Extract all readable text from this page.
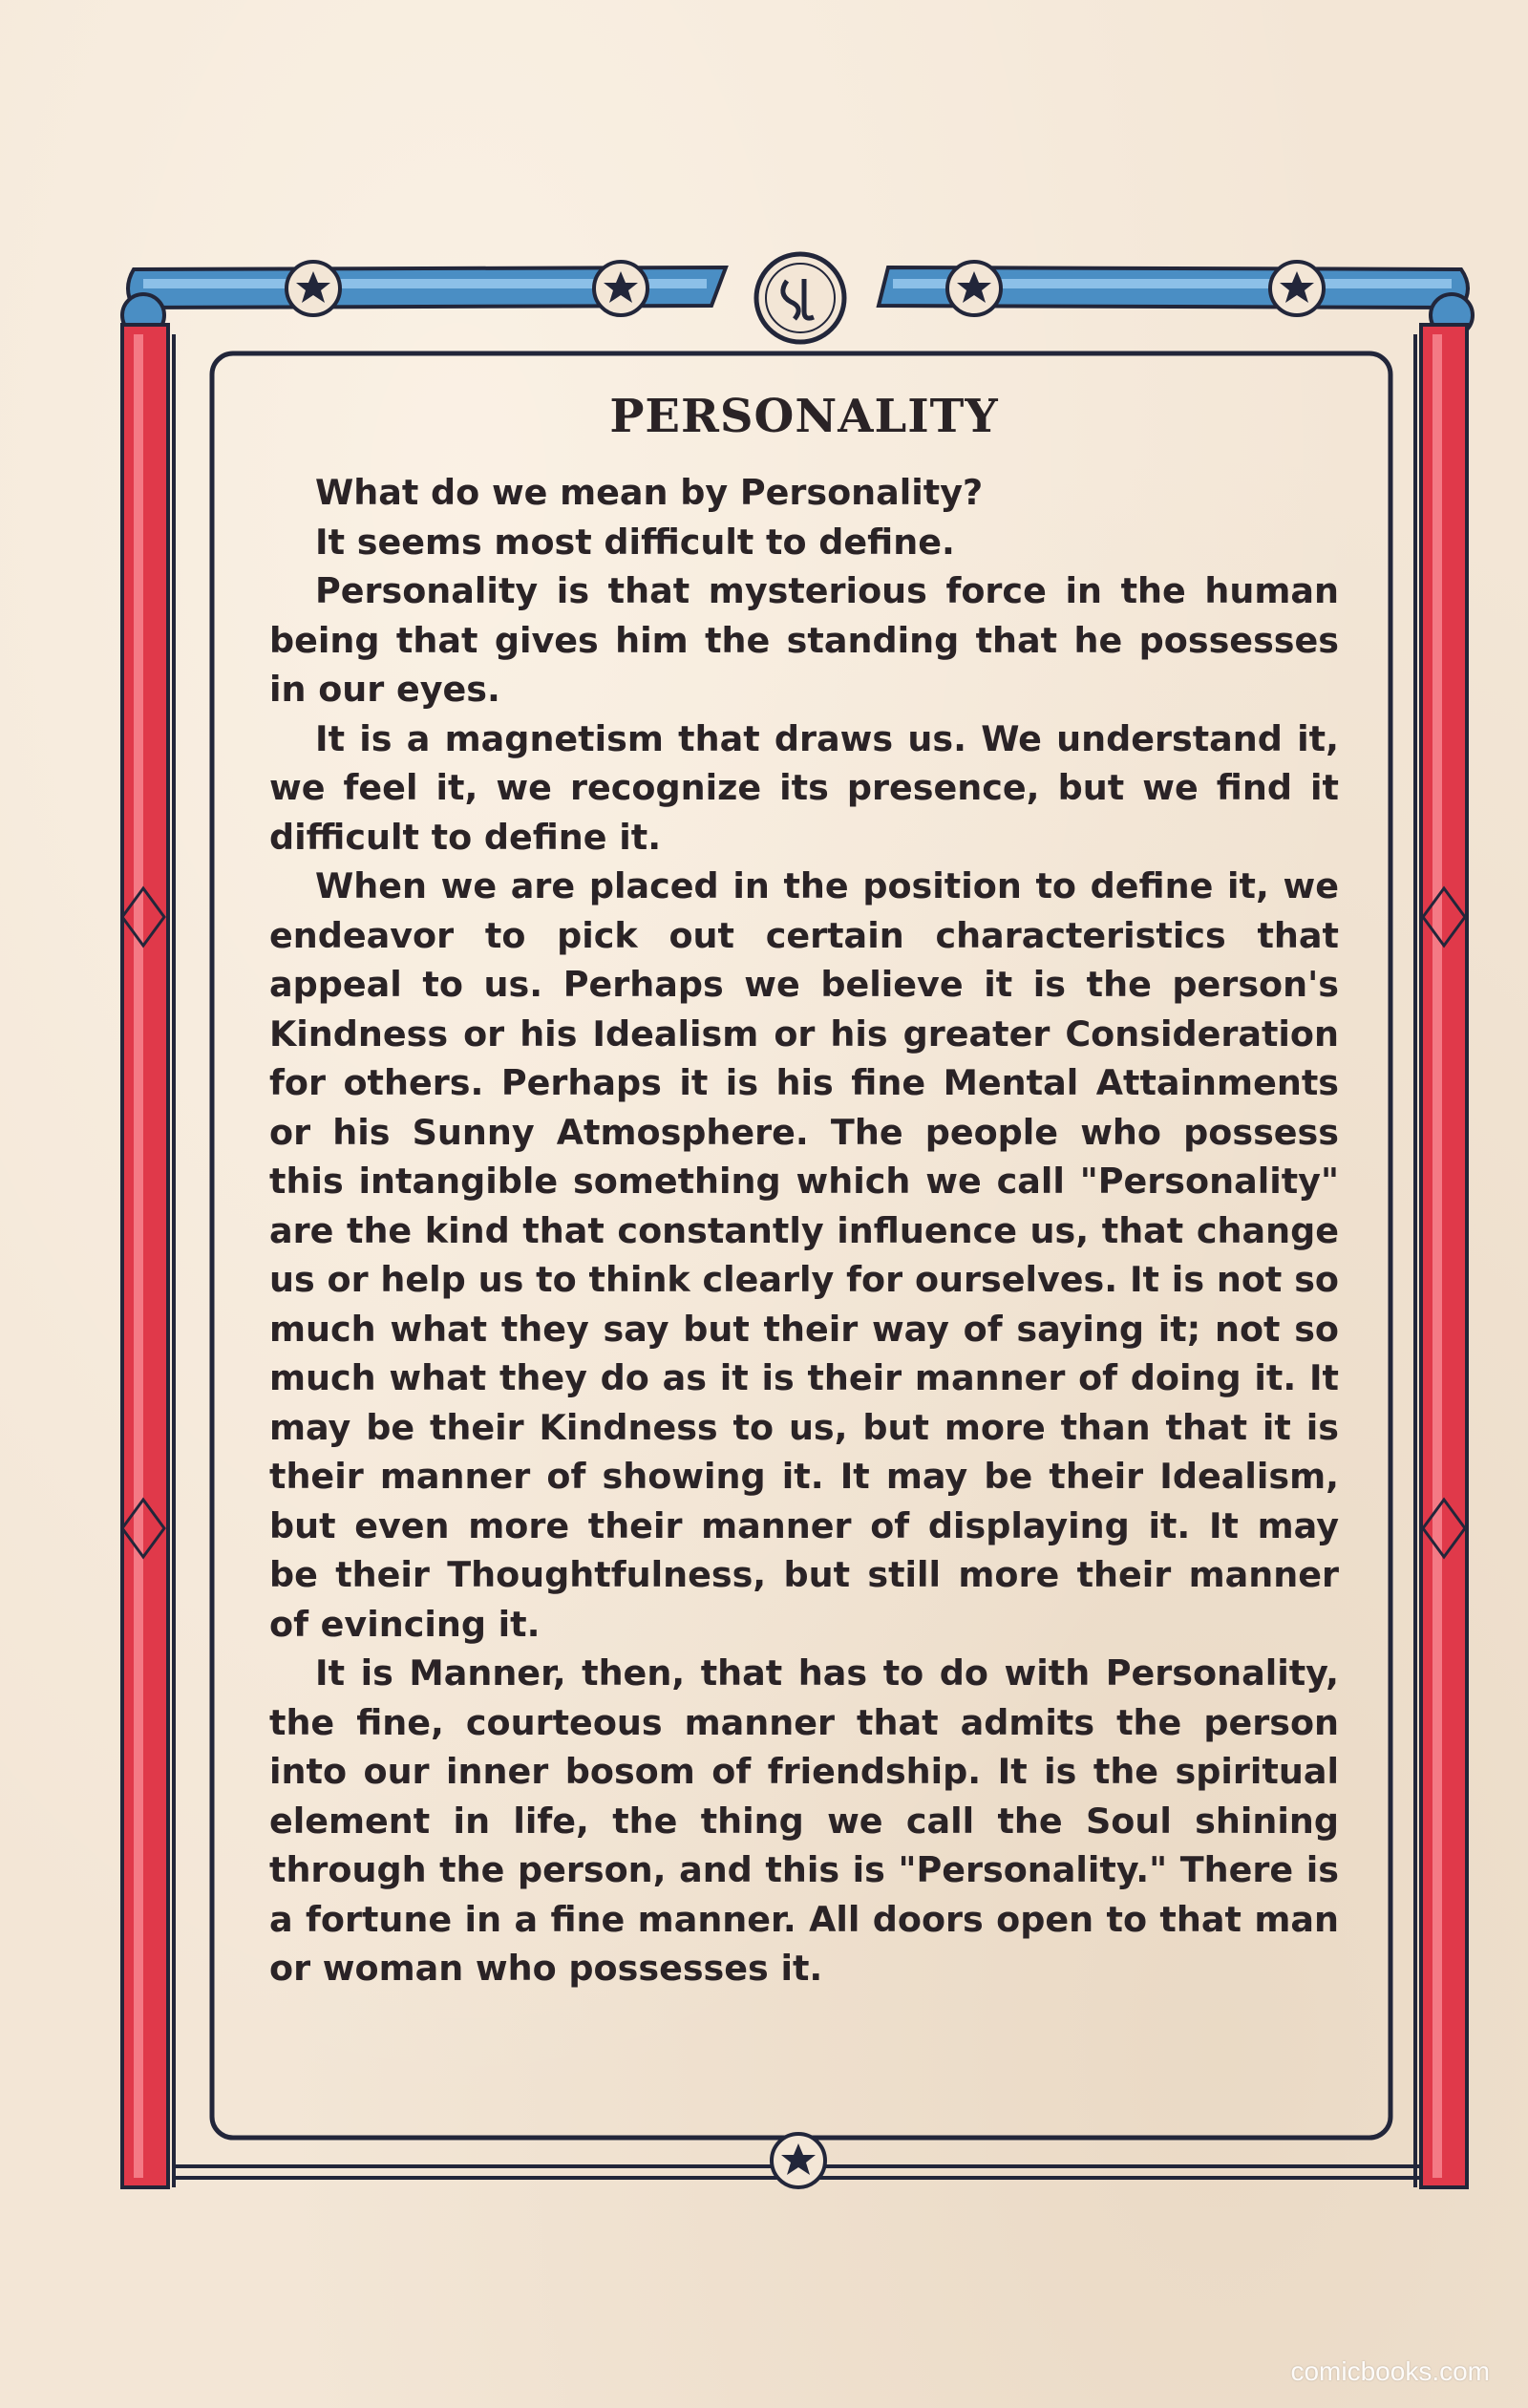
PERSONALITY

What do we mean by Personality?

It seems most difficult to define.

Personality is that mysterious force in the human being that gives him the standing that he possesses in our eyes.

It is a magnetism that draws us. We understand it, we feel it, we recognize its presence, but we find it difficult to define it.

When we are placed in the position to define it, we endeavor to pick out certain characteristics that appeal to us. Perhaps we believe it is the person's Kindness or his Idealism or his greater Consideration for others. Perhaps it is his fine Mental Attainments or his Sunny Atmosphere. The people who possess this intangible something which we call "Personality" are the kind that constantly influence us, that change us or help us to think clearly for ourselves. It is not so much what they say but their way of saying it; not so much what they do as it is their manner of doing it. It may be their Kindness to us, but more than that it is their manner of showing it. It may be their Idealism, but even more their manner of displaying it. It may be their Thoughtfulness, but still more their manner of evincing it.

It is Manner, then, that has to do with Personality, the fine, courteous manner that admits the person into our inner bosom of friendship. It is the spiritual element in life, the thing we call the Soul shining through the person, and this is "Personality." There is a fortune in a fine manner. All doors open to that man or woman who possesses it.

comicbooks.com
